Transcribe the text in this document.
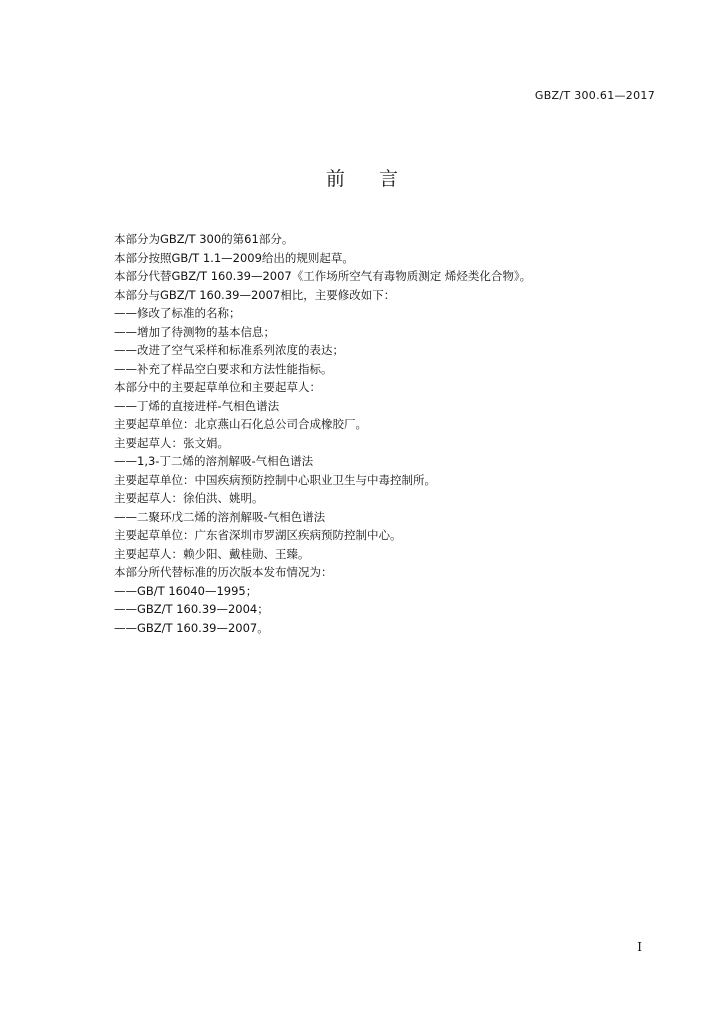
GBZ/T 300.61—2017
前 言
本部分为GBZ/T 300的第61部分。
本部分按照GB/T 1.1—2009给出的规则起草。
本部分代替GBZ/T 160.39—2007《工作场所空气有毒物质测定 烯烃类化合物》。
本部分与GBZ/T 160.39—2007相比，主要修改如下：
——修改了标准的名称；
——增加了待测物的基本信息；
——改进了空气采样和标准系列浓度的表达；
——补充了样品空白要求和方法性能指标。
本部分中的主要起草单位和主要起草人：
——丁烯的直接进样-气相色谱法
主要起草单位：北京燕山石化总公司合成橡胶厂。
主要起草人：张文娟。
——1,3-丁二烯的溶剂解吸-气相色谱法
主要起草单位：中国疾病预防控制中心职业卫生与中毒控制所。
主要起草人：徐伯洪、姚明。
——二聚环戊二烯的溶剂解吸-气相色谱法
主要起草单位：广东省深圳市罗湖区疾病预防控制中心。
主要起草人：赖少阳、戴桂勋、王臻。
本部分所代替标准的历次版本发布情况为：
——GB/T 16040—1995；
——GBZ/T 160.39—2004；
——GBZ/T 160.39—2007。
I
